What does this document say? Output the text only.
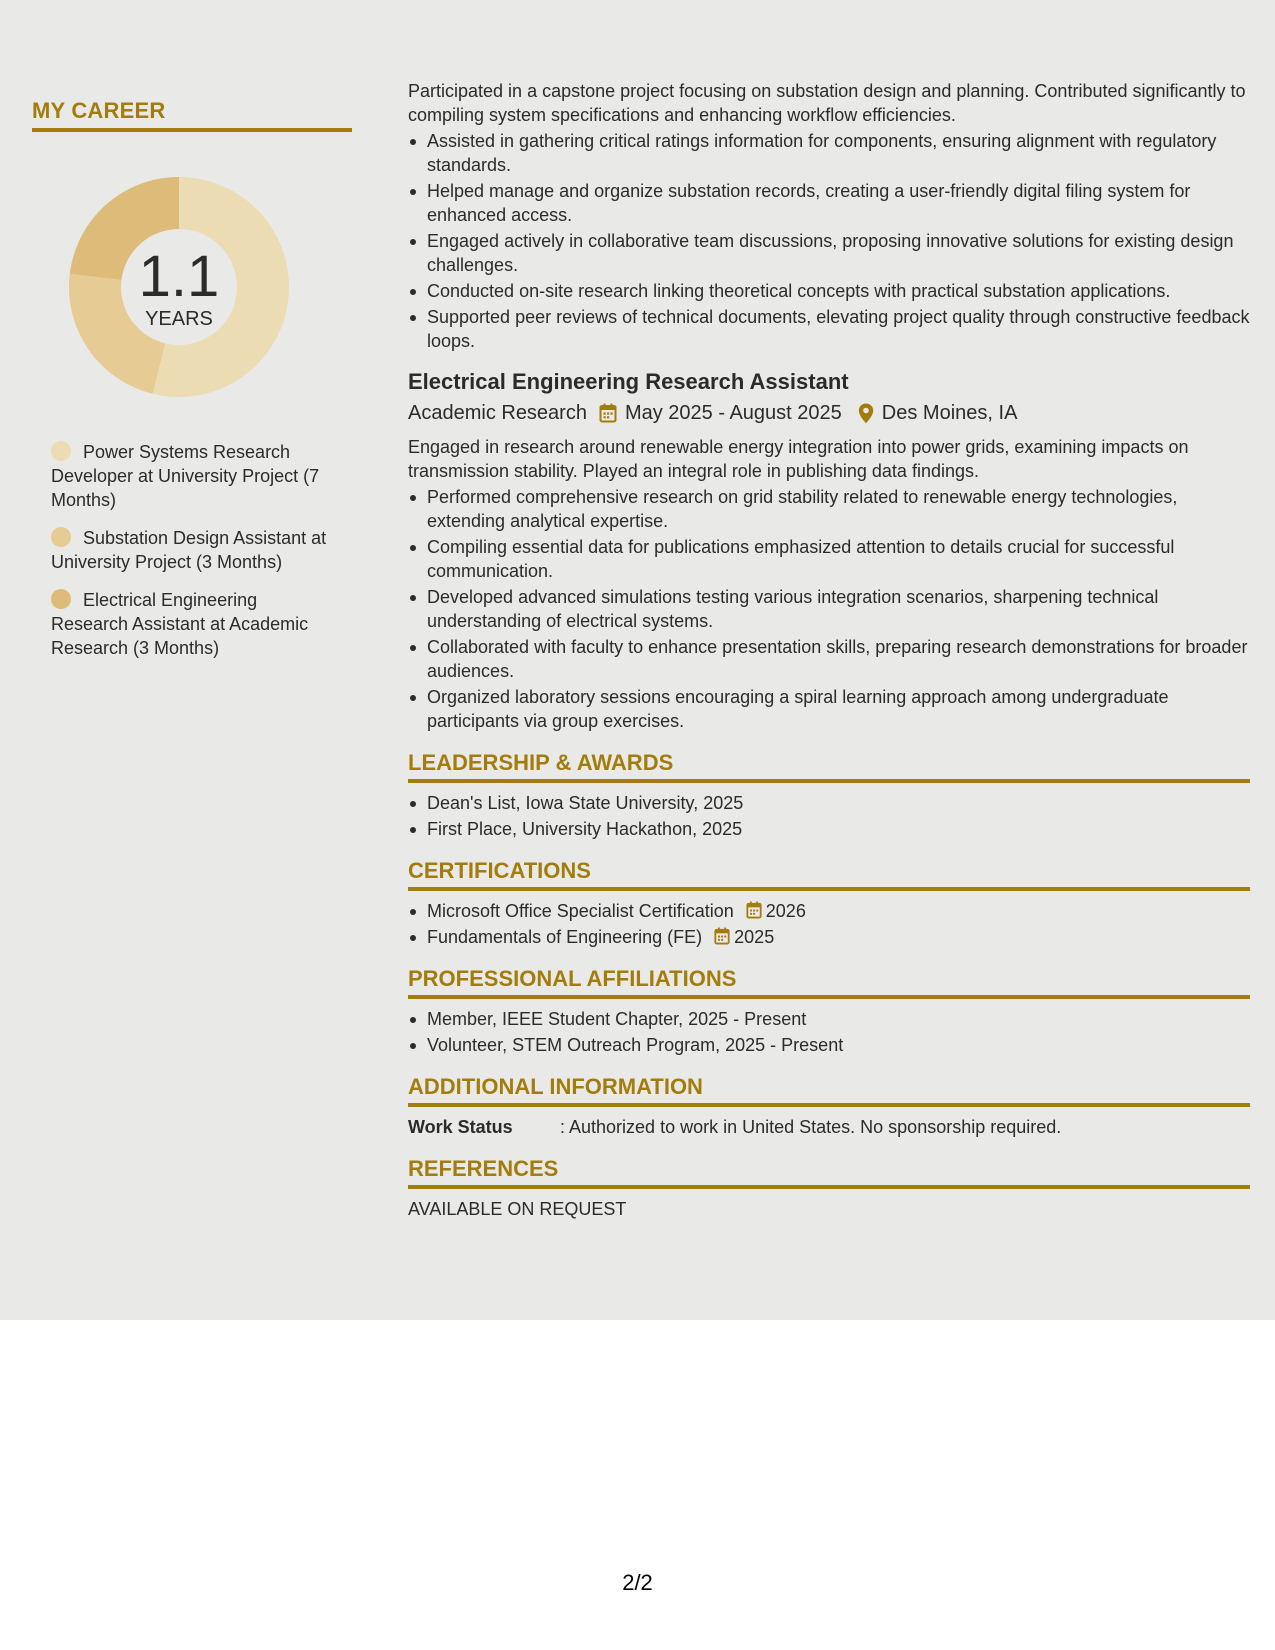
MY CAREER
1.1
YEARS
Power Systems Research Developer at University Project (7 Months)
Substation Design Assistant at University Project (3 Months)
Electrical Engineering Research Assistant at Academic Research (3 Months)

Participated in a capstone project focusing on substation design and planning. Contributed significantly to compiling system specifications and enhancing workflow efficiencies.

Assisted in gathering critical ratings information for components, ensuring alignment with regulatory standards.
Helped manage and organize substation records, creating a user-friendly digital filing system for enhanced access.
Engaged actively in collaborative team discussions, proposing innovative solutions for existing design challenges.
Conducted on-site research linking theoretical concepts with practical substation applications.
Supported peer reviews of technical documents, elevating project quality through constructive feedback loops.
Electrical Engineering Research Assistant
Academic Research May 2025 - August 2025 Des Moines, IA

Engaged in research around renewable energy integration into power grids, examining impacts on transmission stability. Played an integral role in publishing data findings.

Performed comprehensive research on grid stability related to renewable energy technologies, extending analytical expertise.
Compiling essential data for publications emphasized attention to details crucial for successful communication.
Developed advanced simulations testing various integration scenarios, sharpening technical understanding of electrical systems.
Collaborated with faculty to enhance presentation skills, preparing research demonstrations for broader audiences.
Organized laboratory sessions encouraging a spiral learning approach among undergraduate participants via group exercises.
LEADERSHIP & AWARDS
Dean's List, Iowa State University, 2025
First Place, University Hackathon, 2025
CERTIFICATIONS
Microsoft Office Specialist Certification 2026
Fundamentals of Engineering (FE) 2025
PROFESSIONAL AFFILIATIONS
Member, IEEE Student Chapter, 2025 - Present
Volunteer, STEM Outreach Program, 2025 - Present
ADDITIONAL INFORMATION
Work Status	: Authorized to work in United States. No sponsorship required.
REFERENCES
AVAILABLE ON REQUEST
2/2
